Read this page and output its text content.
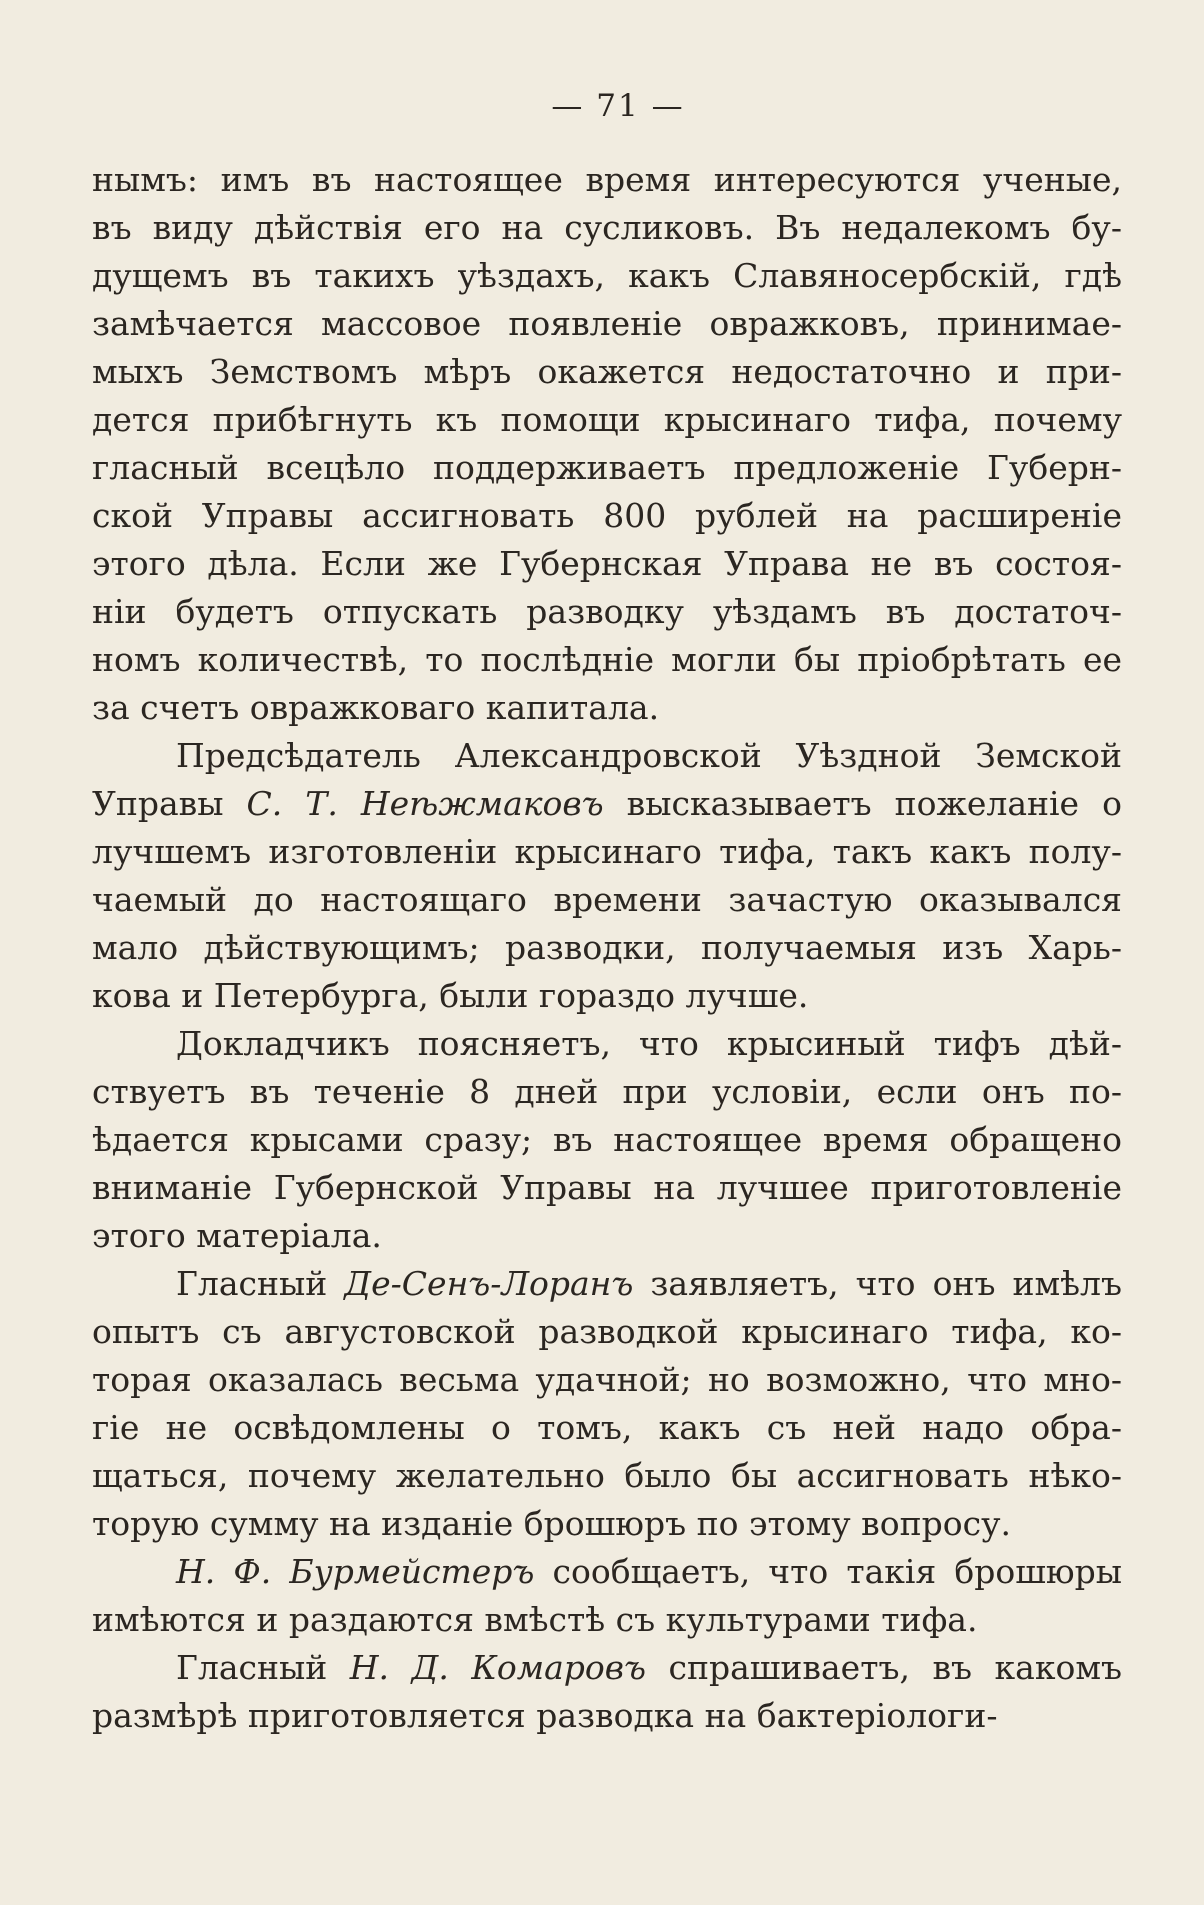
— 71 —
нымъ: имъ въ настоящее время интересуются ученые,
въ виду дѣйствія его на сусликовъ. Въ недалекомъ бу-
дущемъ въ такихъ уѣздахъ, какъ Славяносербскій, гдѣ
замѣчается массовое появленіе овражковъ, принимае-
мыхъ Земствомъ мѣръ окажется недостаточно и при-
дется прибѣгнуть къ помощи крысинаго тифа, почему
гласный всецѣло поддерживаетъ предложеніе Губерн-
ской Управы ассигновать 800 рублей на расширеніе
этого дѣла. Если же Губернская Управа не въ состоя-
ніи будетъ отпускать разводку уѣздамъ въ достаточ-
номъ количествѣ, то послѣдніе могли бы пріобрѣтать ее
за счетъ овражковаго капитала.
Предсѣдатель Александровской Уѣздной Земской
Управы С. Т. Неѣжмаковъ высказываетъ пожеланіе о
лучшемъ изготовленіи крысинаго тифа, такъ какъ полу-
чаемый до настоящаго времени зачастую оказывался
мало дѣйствующимъ; разводки, получаемыя изъ Харь-
кова и Петербурга, были гораздо лучше.
Докладчикъ поясняетъ, что крысиный тифъ дѣй-
ствуетъ въ теченіе 8 дней при условіи, если онъ по-
ѣдается крысами сразу; въ настоящее время обращено
вниманіе Губернской Управы на лучшее приготовленіе
этого матеріала.
Гласный Де-Сенъ-Лоранъ заявляетъ, что онъ имѣлъ
опытъ съ августовской разводкой крысинаго тифа, ко-
торая оказалась весьма удачной; но возможно, что мно-
гіе не освѣдомлены о томъ, какъ съ ней надо обра-
щаться, почему желательно было бы ассигновать нѣко-
торую сумму на изданіе брошюръ по этому вопросу.
Н. Ф. Бурмейстеръ сообщаетъ, что такія брошюры
имѣются и раздаются вмѣстѣ съ культурами тифа.
Гласный Н. Д. Комаровъ спрашиваетъ, въ какомъ
размѣрѣ приготовляется разводка на бактеріологи-
